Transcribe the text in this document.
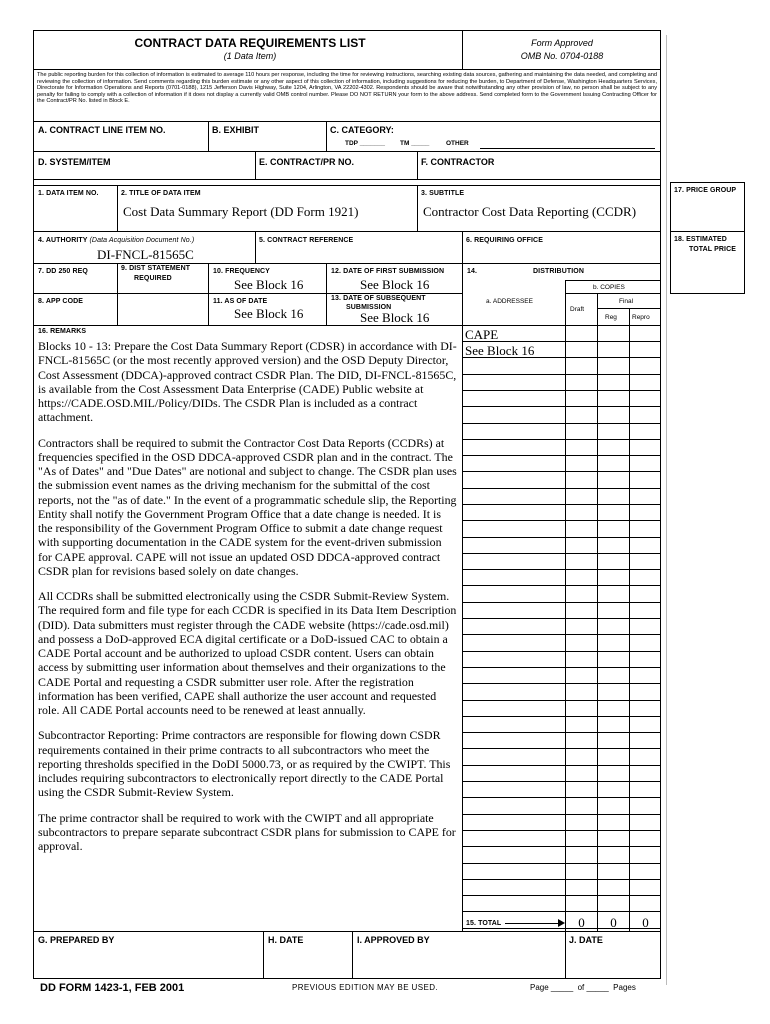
CONTRACT DATA REQUIREMENTS LIST
(1 Data Item)
Form Approved
OMB No. 0704-0188
The public reporting burden for this collection of information is estimated to average 110 hours per response, including the time for reviewing instructions, searching existing data sources, gathering and maintaining the data needed, and completing and reviewing the collection of information. Send comments regarding this burden estimate or any other aspect of this collection of information, including suggestions for reducing the burden, to Department of Defense, Washington Headquarters Services, Directorate for Information Operations and Reports (0701-0188), 1215 Jefferson Davis Highway, Suite 1204, Arlington, VA 22202-4302. Respondents should be aware that notwithstanding any other provision of law, no person shall be subject to any penalty for failing to comply with a collection of information if it does not display a currently valid OMB control number. Please DO NOT RETURN your form to the above address. Send completed form to the Government Issuing Contracting Officer for the Contract/PR No. listed in Block E.
A. CONTRACT LINE ITEM NO.	B. EXHIBIT	C. CATEGORY:
TDP _______ TM _____	OTHER
D. SYSTEM/ITEM	E. CONTRACT/PR NO.	F. CONTRACTOR
1. DATA ITEM NO.	2. TITLE OF DATA ITEM
Cost Data Summary Report (DD Form 1921)
3. SUBTITLE
Contractor Cost Data Reporting (CCDR)
17. PRICE GROUP
18. ESTIMATED
TOTAL PRICE
4. AUTHORITY (Data Acquisition Document No.)
DI-FNCL-81565C
5. CONTRACT REFERENCE	6. REQUIRING OFFICE
7. DD 250 REQ	9. DIST STATEMENT
REQUIRED
10. FREQUENCY
See Block 16
12. DATE OF FIRST SUBMISSION
See Block 16
14.	DISTRIBUTION
b. COPIES
8. APP CODE	11. AS OF DATE
See Block 16
13. DATE OF SUBSEQUENT
SUBMISSION
See Block 16
a. ADDRESSEE
Draft
Final
Reg Repro
CAPE
See Block 16
16. REMARKS

Blocks 10 - 13: Prepare the Cost Data Summary Report (CDSR) in accordance with DI-FNCL-81565C (or the most recently approved version) and the OSD Deputy Director, Cost Assessment (DDCA)-approved contract CSDR Plan. The DID, DI-FNCL-81565C, is available from the Cost Assessment Data Enterprise (CADE) Public website at https://CADE.OSD.MIL/Policy/DIDs. The CSDR Plan is included as a contract attachment.

Contractors shall be required to submit the Contractor Cost Data Reports (CCDRs) at frequencies specified in the OSD DDCA-approved CSDR plan and in the contract. The "As of Dates" and "Due Dates" are notional and subject to change. The CSDR plan uses the submission event names as the driving mechanism for the submittal of the cost reports, not the "as of date." In the event of a programmatic schedule slip, the Reporting Entity shall notify the Government Program Office that a date change is needed. It is the responsibility of the Government Program Office to submit a date change request with supporting documentation in the CADE system for the event-driven submission for CAPE approval. CAPE will not issue an updated OSD DDCA-approved contract CSDR plan for revisions based solely on date changes.

All CCDRs shall be submitted electronically using the CSDR Submit-Review System. The required form and file type for each CCDR is specified in its Data Item Description (DID). Data submitters must register through the CADE website (https://cade.osd.mil) and possess a DoD-approved ECA digital certificate or a DoD-issued CAC to obtain a CADE Portal account and be authorized to upload CSDR content. Users can obtain access by submitting user information about themselves and their organizations to the CADE Portal and requesting a CSDR submitter user role. After the registration information has been verified, CAPE shall authorize the user account and requested role. All CADE Portal accounts need to be renewed at least annually.

Subcontractor Reporting: Prime contractors are responsible for flowing down CSDR requirements contained in their prime contracts to all subcontractors who meet the reporting thresholds specified in the DoDI 5000.73, or as required by the CWIPT. This includes requiring subcontractors to electronically report directly to the CADE Portal using the CSDR Submit-Review System.

The prime contractor shall be required to work with the CWIPT and all appropriate subcontractors to prepare separate subcontract CSDR plans for submission to CAPE for approval.

15. TOTAL	0	0	0
G. PREPARED BY	H. DATE	I. APPROVED BY	J. DATE
DD FORM 1423-1, FEB 2001	PREVIOUS EDITION MAY BE USED.	Page _____  of _____  Pages
